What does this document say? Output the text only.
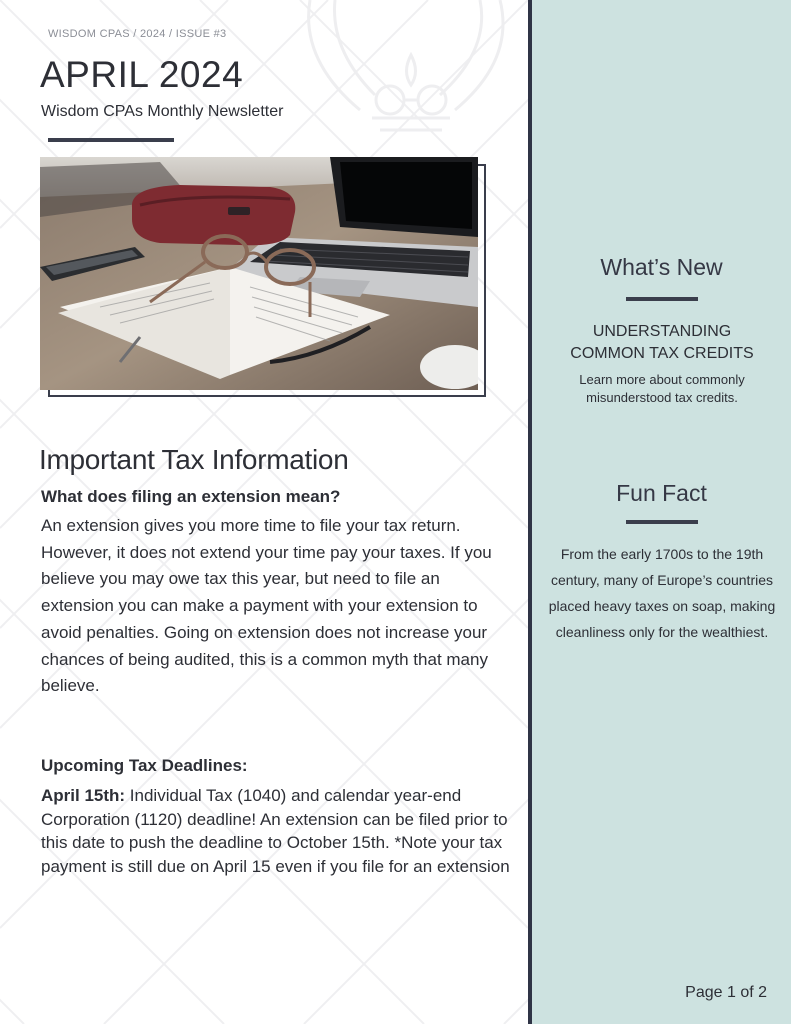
WISDOM CPAS / 2024 / ISSUE #3
APRIL 2024
Wisdom CPAs Monthly Newsletter
Important Tax Information
What does filing an extension mean?

An extension gives you more time to file your tax return. However, it does not extend your time pay your taxes. If you believe you may owe tax this year, but need to file an extension you can make a payment with your extension to avoid penalties. Going on extension does not increase your chances of being audited, this is a common myth that many believe.

Upcoming Tax Deadlines:

April 15th: Individual Tax (1040) and calendar year-end Corporation (1120) deadline! An extension can be filed prior to this date to push the deadline to October 15th. *Note your tax payment is still due on April 15 even if you file for an extension

What’s New
UNDERSTANDING COMMON TAX CREDITS
Learn more about commonly misunderstood tax credits.
Fun Fact
From the early 1700s to the 19th century, many of Europe’s countries placed heavy taxes on soap, making cleanliness only for the wealthiest.
Page 1 of 2
